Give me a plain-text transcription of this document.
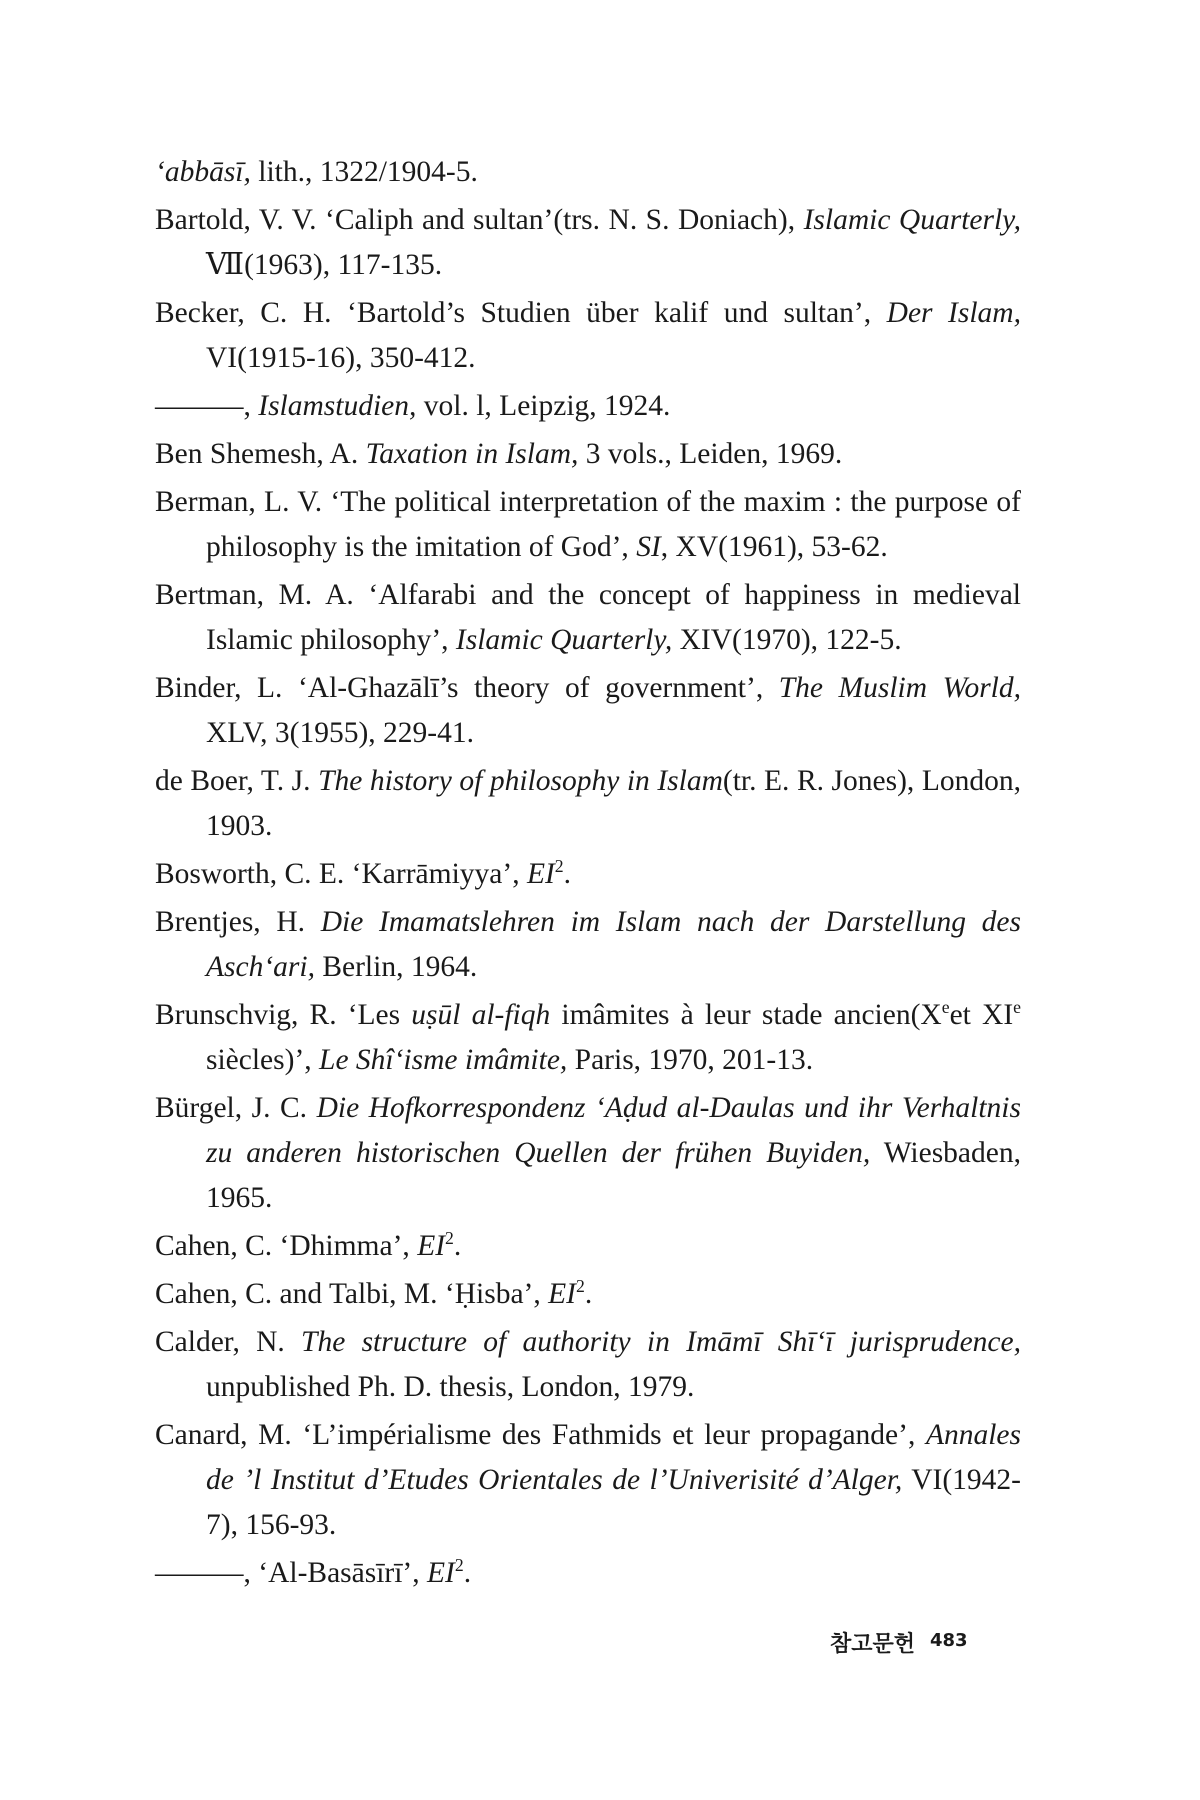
‘abbāsī, lith., 1322/1904-5.

Bartold, V. V. ‘Caliph and sultan’(trs. N. S. Doniach), Islamic Quarterly, Ⅶ(1963), 117-135.

Becker, C. H. ‘Bartold’s Studien über kalif und sultan’, Der Islam, VI(1915-16), 350-412.

———, Islamstudien, vol. l, Leipzig, 1924.

Ben Shemesh, A. Taxation in Islam, 3 vols., Leiden, 1969.

Berman, L. V. ‘The political interpretation of the maxim : the purpose of philosophy is the imitation of God’, SI, XV(1961), 53-62.

Bertman, M. A. ‘Alfarabi and the concept of happiness in medieval Islamic philosophy’, Islamic Quarterly, XIV(1970), 122-5.

Binder, L. ‘Al-Ghazālī’s theory of government’, The Muslim World, XLV, 3(1955), 229-41.

de Boer, T. J. The history of philosophy in Islam(tr. E. R. Jones), London, 1903.

Bosworth, C. E. ‘Karrāmiyya’, $EI^2$.

Brentjes, H. Die Imamatslehren im Islam nach der Darstellung des Asch‘ari, Berlin, 1964.

Brunschvig, R. ‘Les uṣūl al-fiqh imâmites à leur stade ancien(Xeet XIe siècles)’, Le Shî‘isme imâmite, Paris, 1970, 201-13.

Bürgel, J. C. Die Hofkorrespondenz ‘Aḍud al-Daulas und ihr Verhaltnis zu anderen historischen Quellen der frühen Buyiden, Wiesbaden, 1965.

Cahen, C. ‘Dhimma’, $EI^2$.

Cahen, C. and Talbi, M. ‘Ḥisba’, $EI^2$.

Calder, N. The structure of authority in Imāmī Shī‘ī jurisprudence, unpublished Ph. D. thesis, London, 1979.

Canard, M. ‘L’impérialisme des Fathmids et leur propagande’, Annales de ’l Institut d’Etudes Orientales de l’Univerisité d’Alger, VI(1942-7), 156-93.

———, ‘Al-Basāsīrī’, $EI^2$.

참고문헌 483
